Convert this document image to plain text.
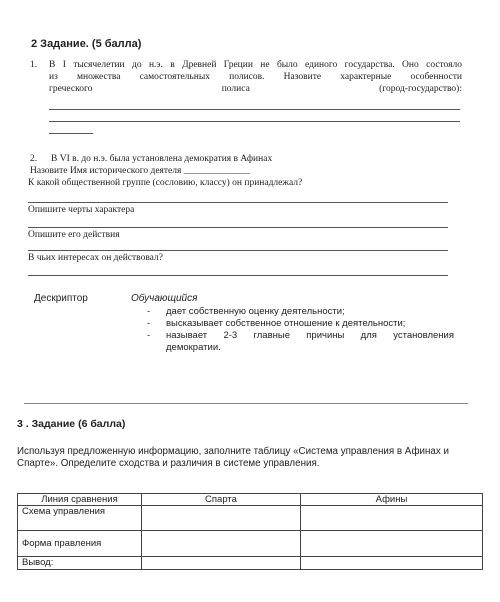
2 Задание. (5 балла)
1. В I тысячелетии до н.э. в Древней Греции не было единого государства. Оно состояло
из множества самостоятельных полисов. Назовите характерные особенности
греческого	полиса	(город-государство):
2. В VI в. до н.э. была установлена демократия в Афинах
Назовите Имя исторического деятеля ______________
К какой общественной группе (сословию, классу) он принадлежал?
Опишите черты характера
Опишите его действия
В чьих интересах он действовал?
Дескриптор	Обучающийся
- дает собственную оценку деятельности;
- высказывает собственное отношение к деятельности;
- называет 2-3 главные причины для установления
демократии.
3 . Задание (6 балла)
Используя предложенную информацию, заполните таблицу «Система управления в Афинах и
Спарте». Определите сходства и различия в системе управления.
Линия сравнения	Спарта	Афины
Схема управления		
Форма правления		
Вывод:		
